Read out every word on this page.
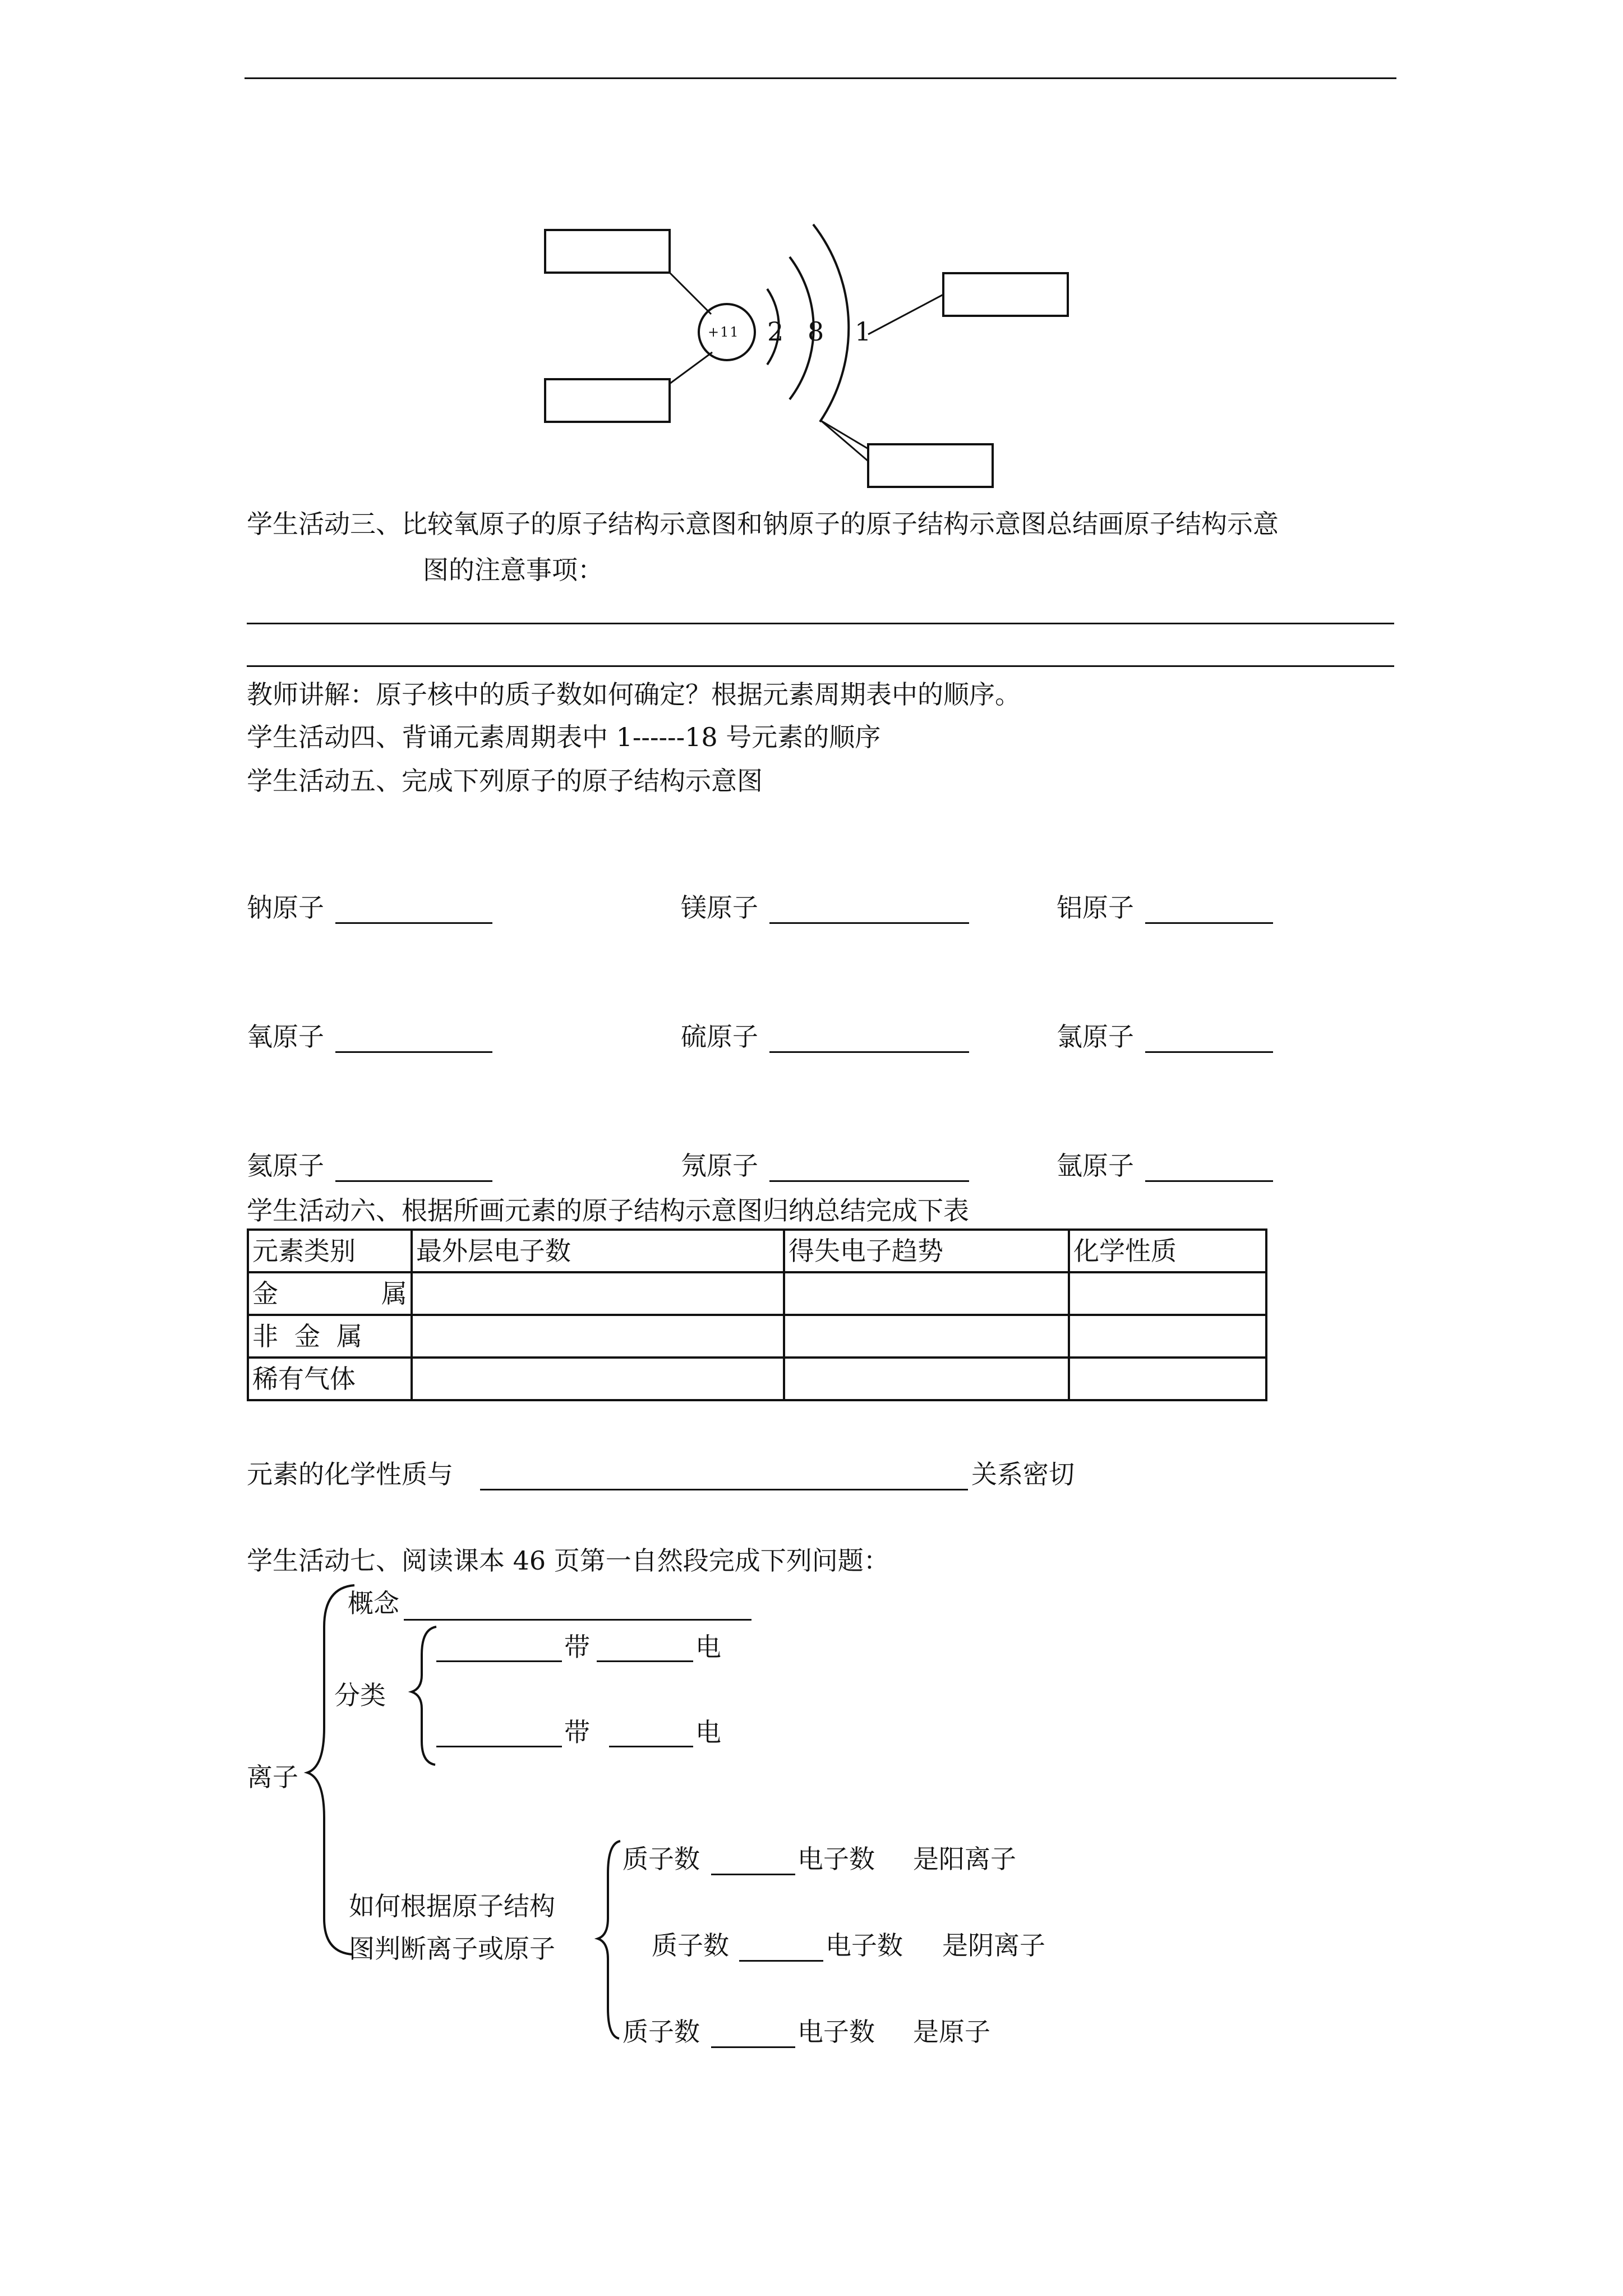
+11 2 8 1
学生活动三、比较氧原子的原子结构示意图和钠原子的原子结构示意图总结画原子结构示意
图的注意事项：
教师讲解：原子核中的质子数如何确定？根据元素周期表中的顺序。
学生活动四、背诵元素周期表中 1------18 号元素的顺序
学生活动五、完成下列原子的原子结构示意图
钠原子	镁原子	铝原子
氧原子	硫原子	氯原子
氦原子	氖原子	氩原子
学生活动六、根据所画元素的原子结构示意图归纳总结完成下表
元素类别	最外层电子数	得失电子趋势	化学性质

金 属			

非 金 属			

稀有气体			
元素的化学性质与	关系密切
学生活动七、阅读课本 46 页第一自然段完成下列问题：
离子
概念
分类
带	电
带	电
如何根据原子结构
图判断离子或原子
质子数	电子数 是阳离子
质子数	电子数 是阴离子
质子数	电子数 是原子
